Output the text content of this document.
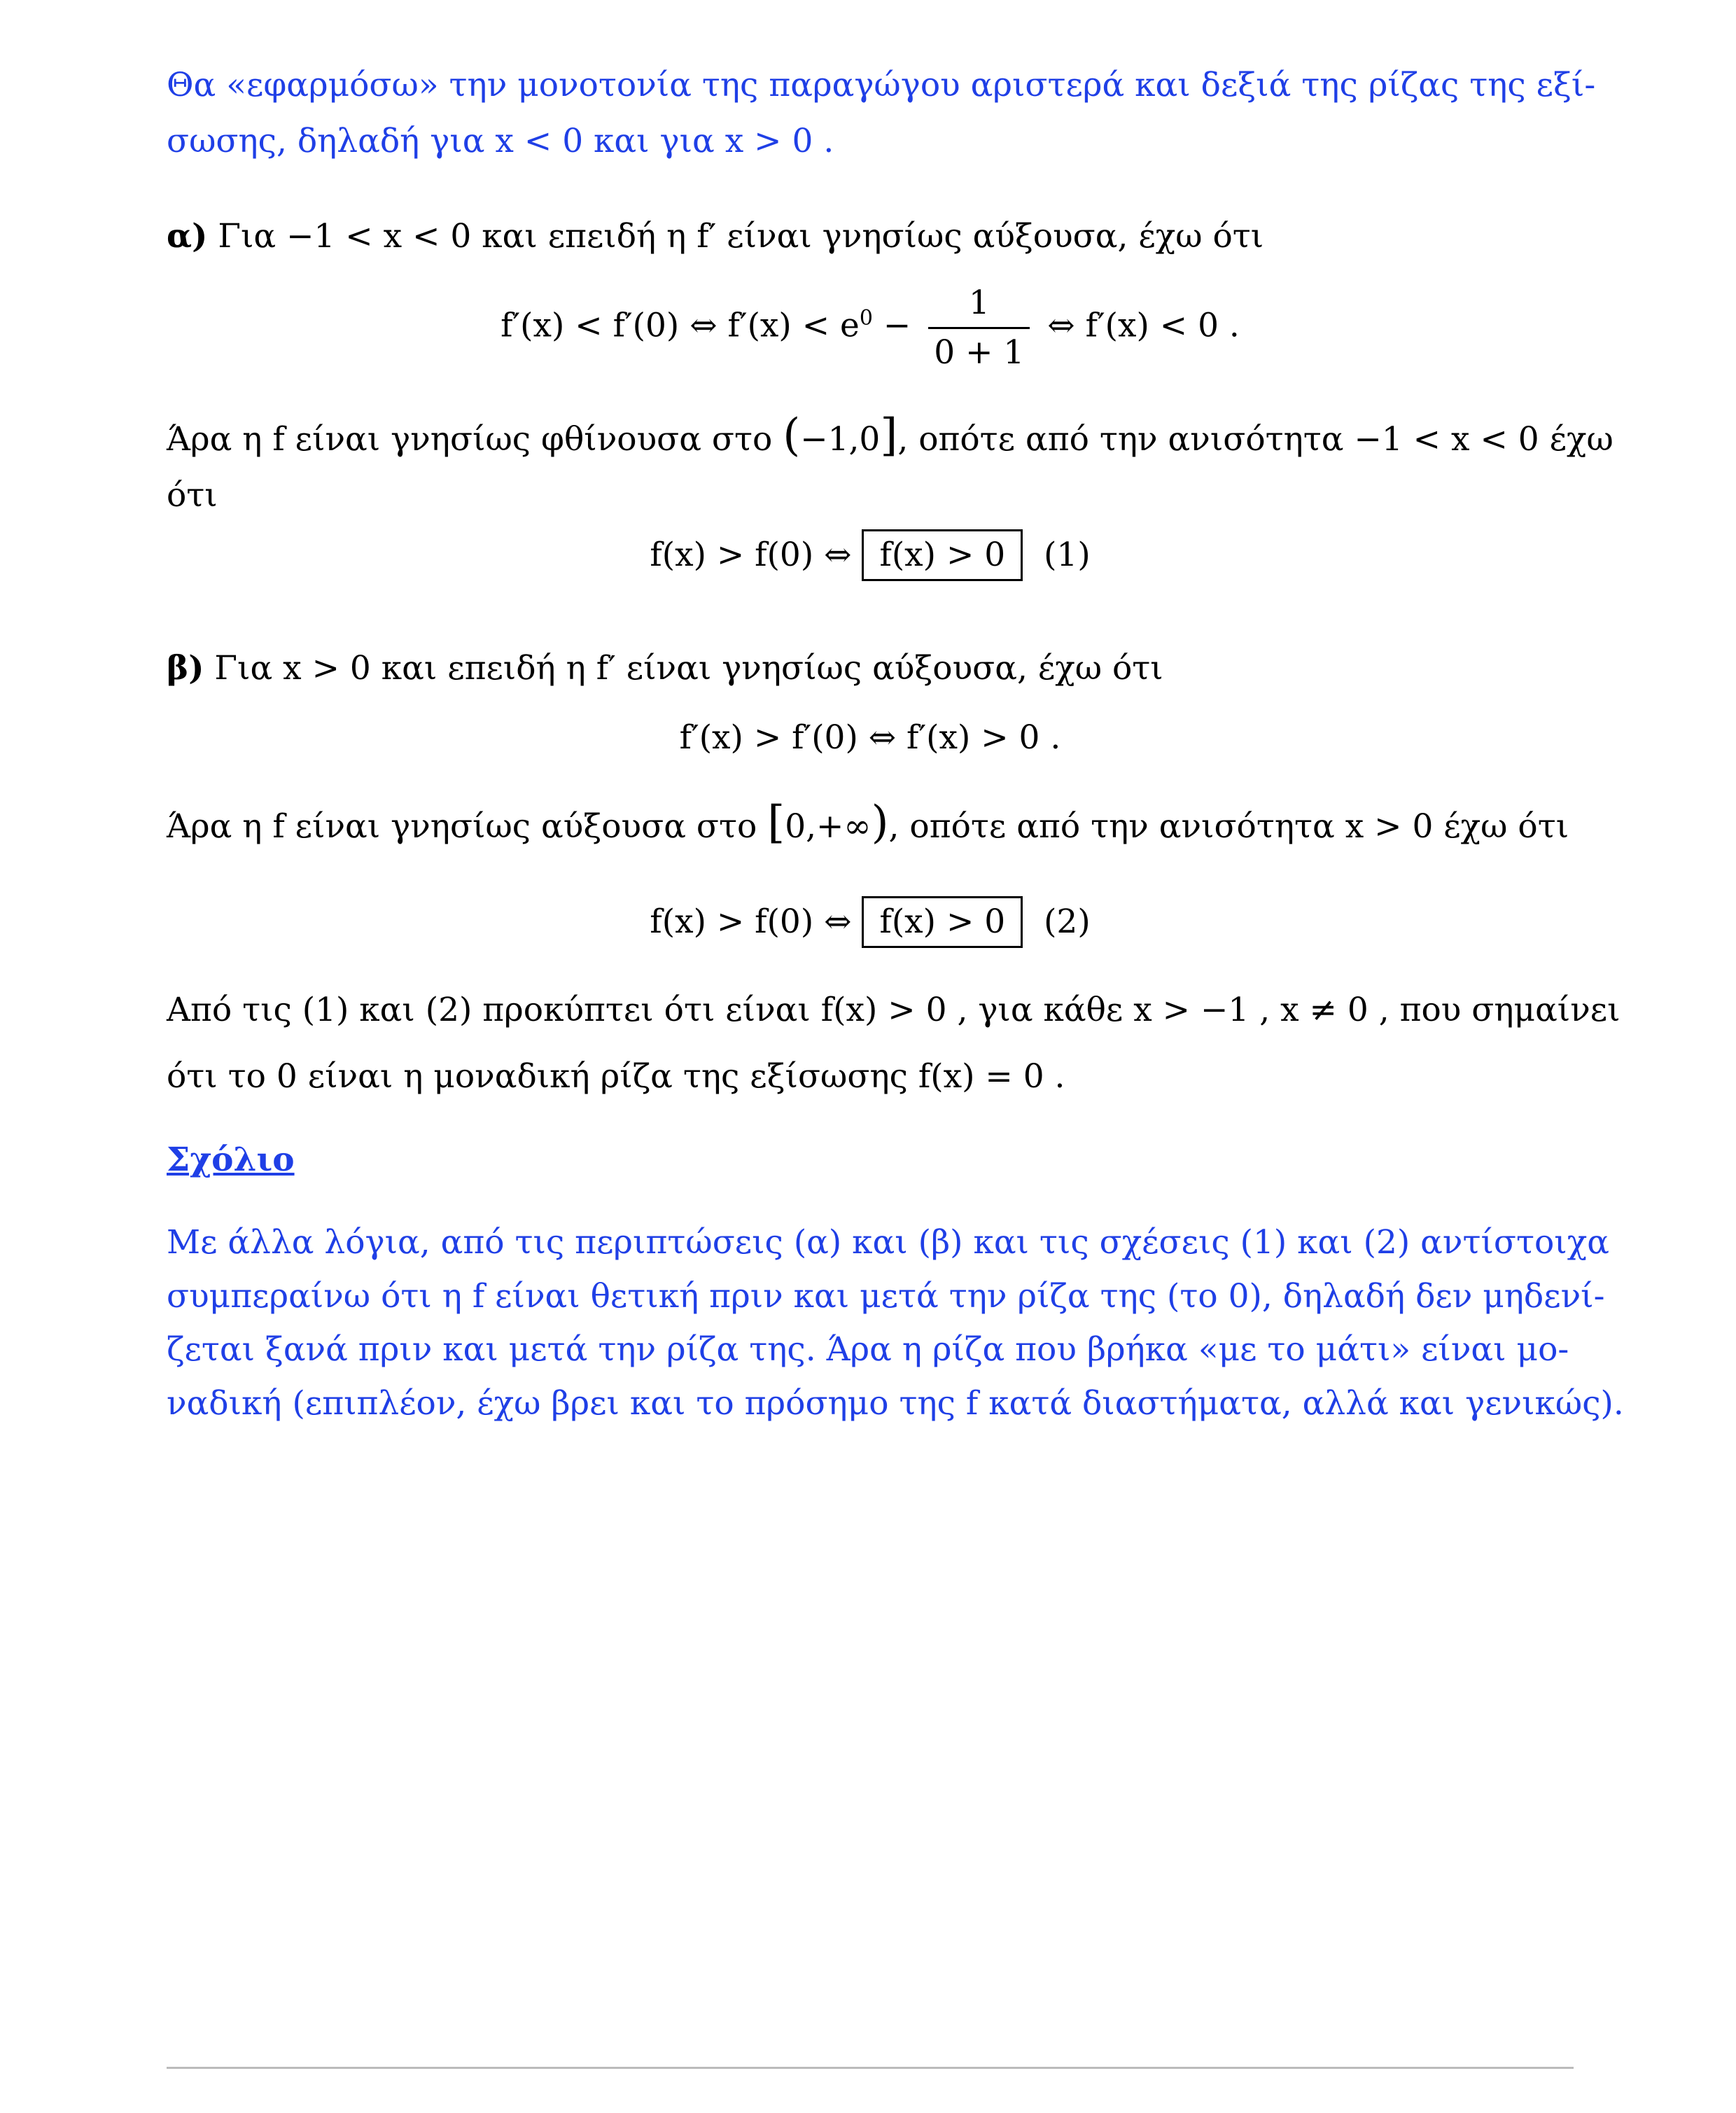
Θα «εφαρμόσω» την μονοτονία της παραγώγου αριστερά και δεξιά της ρίζας της εξί-
σωσης, δηλαδή για x < 0 και για x > 0 .
α) Για −1 < x < 0 και επειδή η f′ είναι γνησίως αύξουσα, έχω ότι
f′(x) < f′(0) ⇔ $f'(x) < e^0 - \frac{1}{0 + 1}$ ⇔ f′(x) < 0 .
Άρα η f είναι γνησίως φθίνουσα στο (−1,0], οπότε από την ανισότητα −1 < x < 0 έχω
ότι
f(x) > f(0) ⇔ f(x) > 0 (1)
β) Για x > 0 και επειδή η f′ είναι γνησίως αύξουσα, έχω ότι
f′(x) > f′(0) ⇔ f′(x) > 0 .
Άρα η f είναι γνησίως αύξουσα στο [0,+∞), οπότε από την ανισότητα x > 0 έχω ότι
f(x) > f(0) ⇔ f(x) > 0 (2)
Από τις (1) και (2) προκύπτει ότι είναι f(x) > 0 , για κάθε x > −1 , x ≠ 0 , που σημαίνει
ότι το 0 είναι η μοναδική ρίζα της εξίσωσης f(x) = 0 .
Σχόλιο
Με άλλα λόγια, από τις περιπτώσεις (α) και (β) και τις σχέσεις (1) και (2) αντίστοιχα
συμπεραίνω ότι η f είναι θετική πριν και μετά την ρίζα της (το 0), δηλαδή δεν μηδενί-
ζεται ξανά πριν και μετά την ρίζα της. Άρα η ρίζα που βρήκα «με το μάτι» είναι μο-
ναδική (επιπλέον, έχω βρει και το πρόσημο της f κατά διαστήματα, αλλά και γενικώς).
